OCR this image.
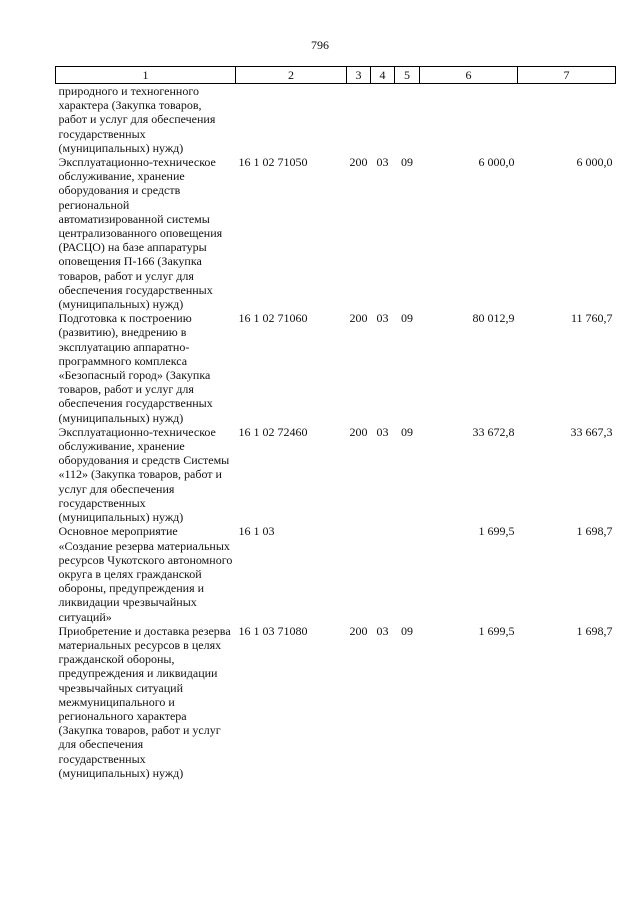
796
1	2	3	4	5	6	7
природного и техногенного характера (Закупка товаров, работ и услуг для обеспечения государственных (муниципальных) нужд)						
Эксплуатационно-техническое обслуживание, хранение оборудования и средств региональной автоматизированной системы централизованного оповещения (РАСЦО) на базе аппаратуры оповещения П-166 (Закупка товаров, работ и услуг для обеспечения государственных (муниципальных) нужд)	16 1 02 71050	200	03	09	6 000,0	6 000,0
Подготовка к построению (развитию), внедрению в эксплуатацию аппаратно-программного комплекса «Безопасный город» (Закупка товаров, работ и услуг для обеспечения государственных (муниципальных) нужд)	16 1 02 71060	200	03	09	80 012,9	11 760,7
Эксплуатационно-техническое обслуживание, хранение оборудования и средств Системы «112» (Закупка товаров, работ и услуг для обеспечения государственных (муниципальных) нужд)	16 1 02 72460	200	03	09	33 672,8	33 667,3
Основное мероприятие «Создание резерва материальных ресурсов Чукотского автономного округа в целях гражданской обороны, предупреждения и ликвидации чрезвычайных ситуаций»	16 1 03				1 699,5	1 698,7
Приобретение и доставка резерва материальных ресурсов в целях гражданской обороны, предупреждения и ликвидации чрезвычайных ситуаций межмуниципального и регионального характера (Закупка товаров, работ и услуг для обеспечения государственных (муниципальных) нужд)	16 1 03 71080	200	03	09	1 699,5	1 698,7
